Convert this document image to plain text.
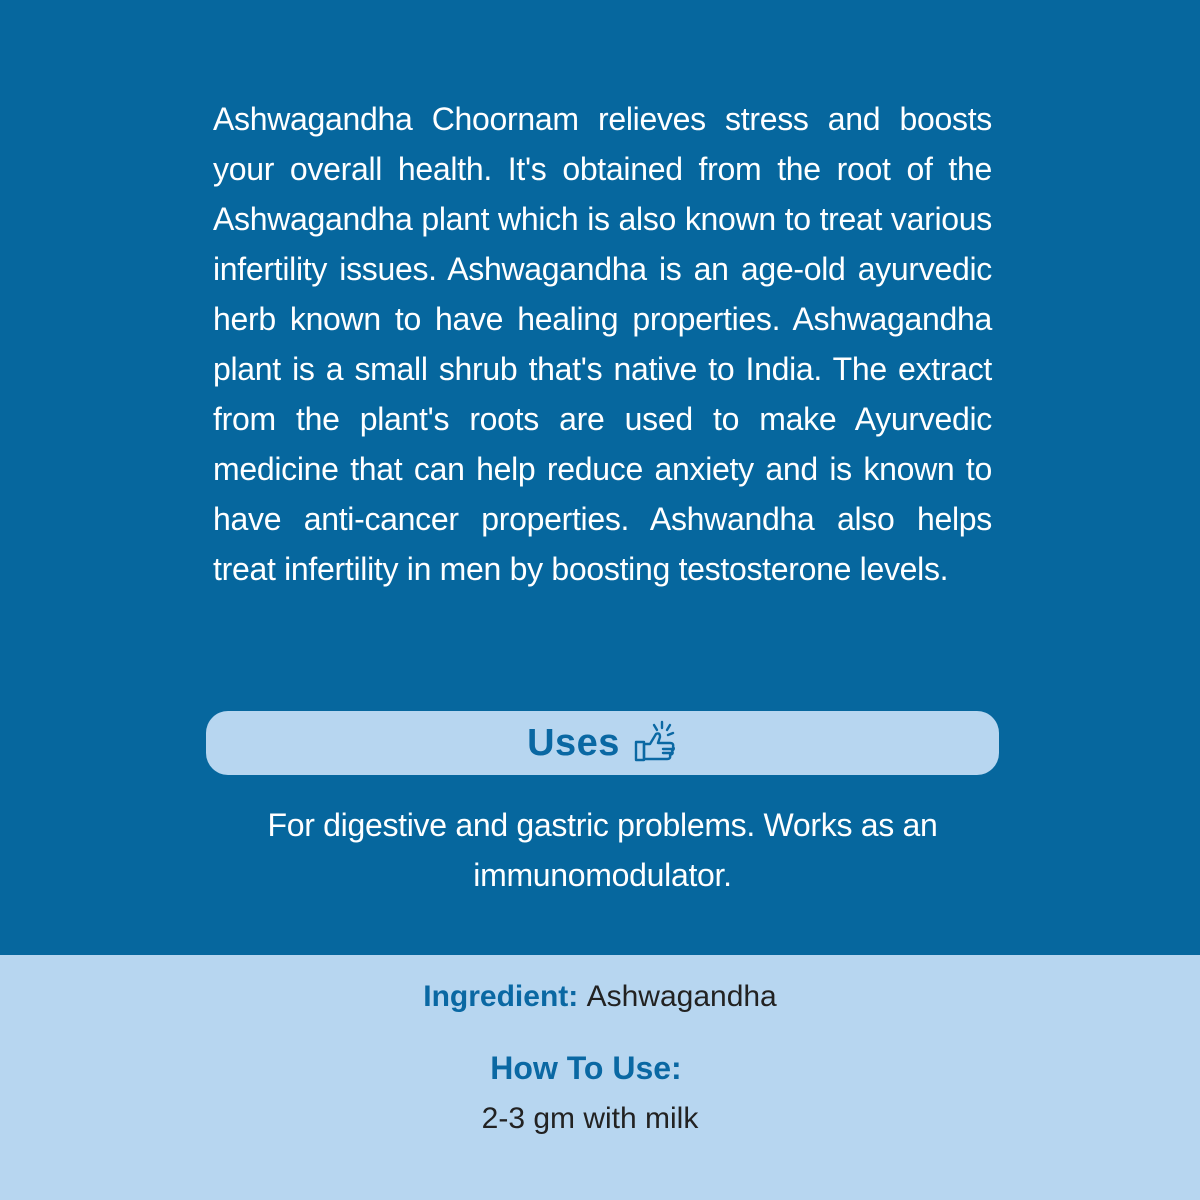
Ashwagandha Choornam relieves stress and boosts your overall health. It's obtained from the root of the Ashwagandha plant which is also known to treat various infertility issues. Ashwagandha is an age-old ayurvedic herb known to have healing properties. Ashwagandha plant is a small shrub that's native to India. The extract from the plant's roots are used to make Ayurvedic medicine that can help reduce anxiety and is known to have anti-cancer properties. Ashwandha also helps treat infertility in men by boosting testosterone levels.

Uses
For digestive and gastric problems. Works as an immunomodulator.
Ingredient: Ashwagandha
How To Use:
2-3 gm with milk
